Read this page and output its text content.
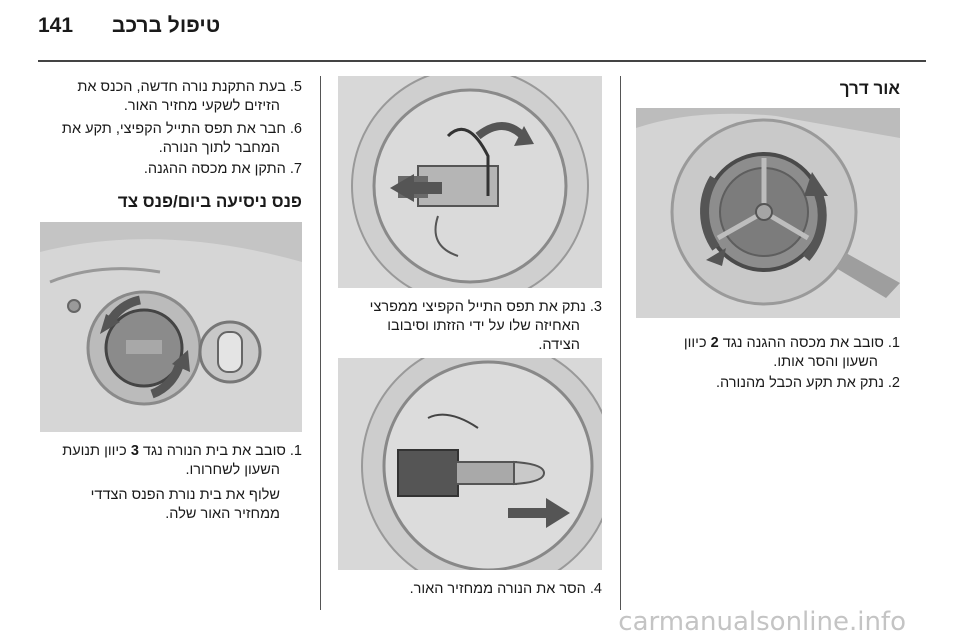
141 טיפול ברכב
אור דרך

1. סובב את מכסה ההגנה נגד 2 כיוון

השעון והסר אותו.

2. נתק את תקע הכבל מהנורה.

3. נתק את תפס התייל הקפיצי ממפרצי

האחיזה שלו על ידי הזזתו וסיבובו

הצידה.

4. הסר את הנורה ממחזיר האור.

5. בעת התקנת נורה חדשה, הכנס את

הזיזים לשקעי מחזיר האור.

6. חבר את תפס התייל הקפיצי, תקע את

המחבר לתוך הנורה.

7. התקן את מכסה ההגנה.
פנס ניסיעה ביום/פנס צד

1. סובב את בית הנורה נגד 3 כיוון תנועת

השעון לשחרורו.

שלוף את בית נורת הפנס הצדדי

ממחזיר האור שלה.

carmanualsonline.info
